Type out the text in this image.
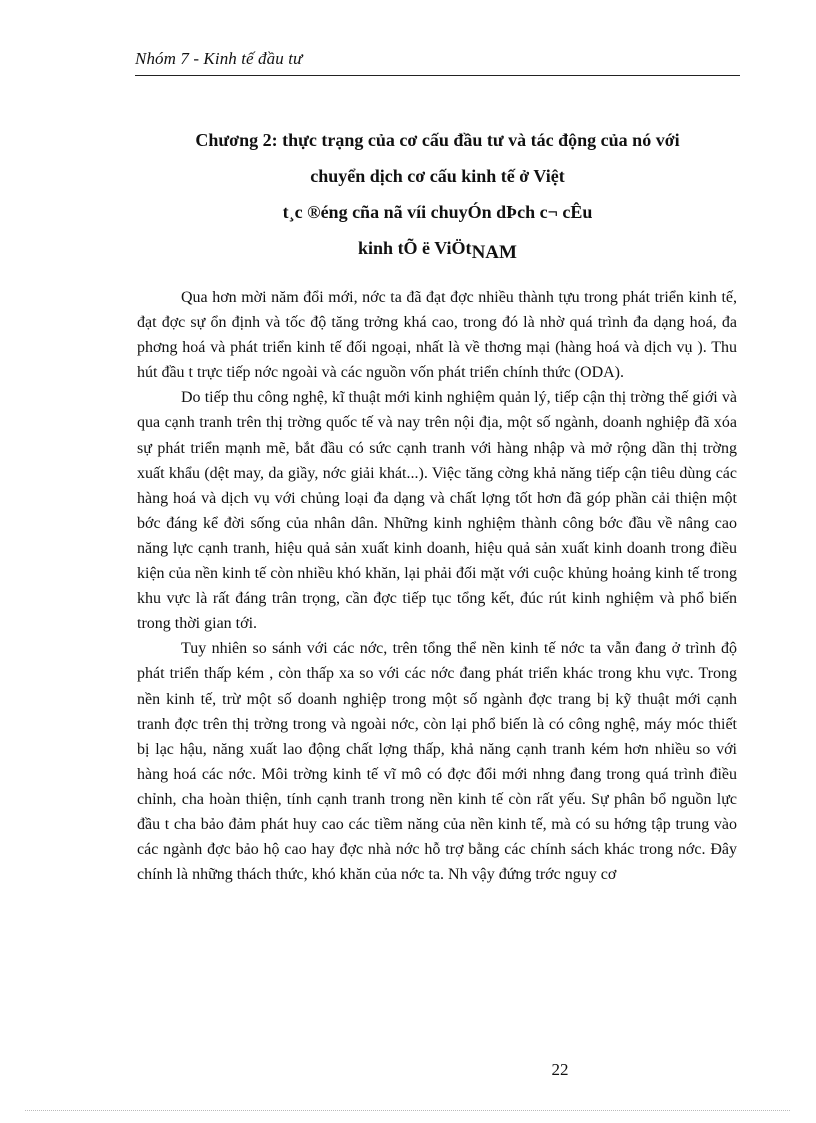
Nhóm 7 - Kinh tế đầu tư
Chương 2: thực trạng của cơ cấu đầu tư và tác động của nó với
chuyển dịch cơ cấu kinh tế ở Việt
t¸c ®éng cña nã víi chuyÓn dÞch c¬ cÊu
kinh tÕ ë ViÖtNAM

Qua hơn mời năm đổi mới, nớc ta đã đạt đợc nhiều thành tựu trong phát triển kinh tế, đạt đợc sự ổn định và tốc độ tăng trởng khá cao, trong đó là nhờ quá trình đa dạng hoá, đa phơng hoá và phát triển kinh tế đối ngoại, nhất là về thơng mại (hàng hoá và dịch vụ ). Thu hút đầu t trực tiếp nớc ngoài và các nguồn vốn phát triển chính thức (ODA).

Do tiếp thu công nghệ, kĩ thuật mới kinh nghiệm quản lý, tiếp cận thị trờng thế giới và qua cạnh tranh trên thị trờng quốc tế và nay trên nội địa, một số ngành, doanh nghiệp đã xóa sự phát triển mạnh mẽ, bắt đầu có sức cạnh tranh với hàng nhập và mở rộng dần thị trờng xuất khẩu (dệt may, da giầy, nớc giải khát...). Việc tăng cờng khả năng tiếp cận tiêu dùng các hàng hoá và dịch vụ với chủng loại đa dạng và chất lợng tốt hơn đã góp phần cải thiện một bớc đáng kể đời sống của nhân dân. Những kinh nghiệm thành công bớc đầu về nâng cao năng lực cạnh tranh, hiệu quả sản xuất kinh doanh, hiệu quả sản xuất kinh doanh trong điều kiện của nền kinh tế còn nhiều khó khăn, lại phải đối mặt với cuộc khủng hoảng kinh tế trong khu vực là rất đáng trân trọng, cần đợc tiếp tục tổng kết, đúc rút kinh nghiệm và phổ biến trong thời gian tới.

Tuy nhiên so sánh với các nớc, trên tổng thể nền kinh tế nớc ta vẫn đang ở trình độ phát triển thấp kém , còn thấp xa so với các nớc đang phát triển khác trong khu vực. Trong nền kinh tế, trừ một số doanh nghiệp trong một số ngành đợc trang bị kỹ thuật mới cạnh tranh đợc trên thị trờng trong và ngoài nớc, còn lại phổ biến là có công nghệ, máy móc thiết bị lạc hậu, năng xuất lao động chất lợng thấp, khả năng cạnh tranh kém hơn nhiều so với hàng hoá các nớc. Môi trờng kinh tế vĩ mô có đợc đổi mới nhng đang trong quá trình điều chỉnh, cha hoàn thiện, tính cạnh tranh trong nền kinh tế còn rất yếu. Sự phân bổ nguồn lực đầu t cha bảo đảm phát huy cao các tiềm năng của nền kinh tế, mà có su hớng tập trung vào các ngành đợc bảo hộ cao hay đợc nhà nớc hỗ trợ bằng các chính sách khác trong nớc. Đây chính là những thách thức, khó khăn của nớc ta. Nh vậy đứng trớc nguy cơ

22
